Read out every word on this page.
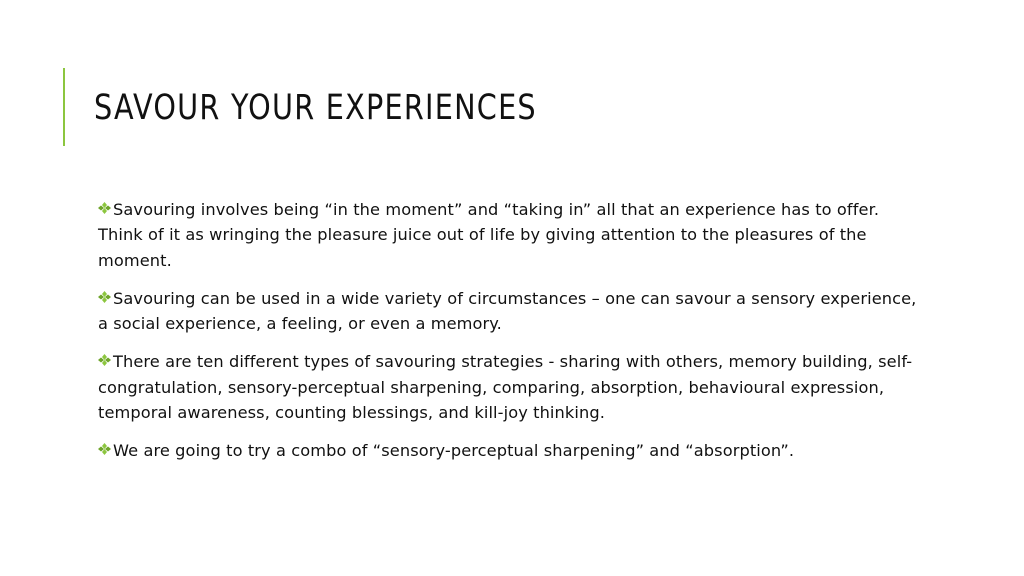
SAVOUR YOUR EXPERIENCES
Savouring involves being “in the moment” and “taking in” all that an experience has to offer. Think of it as wringing the pleasure juice out of life by giving attention to the pleasures of the moment.
Savouring can be used in a wide variety of circumstances – one can savour a sensory experience, a social experience, a feeling, or even a memory.
There are ten different types of savouring strategies - sharing with others, memory building, self-congratulation, sensory-perceptual sharpening, comparing, absorption, behavioural expression, temporal awareness, counting blessings, and kill-joy thinking.
We are going to try a combo of “sensory-perceptual sharpening” and “absorption”.
